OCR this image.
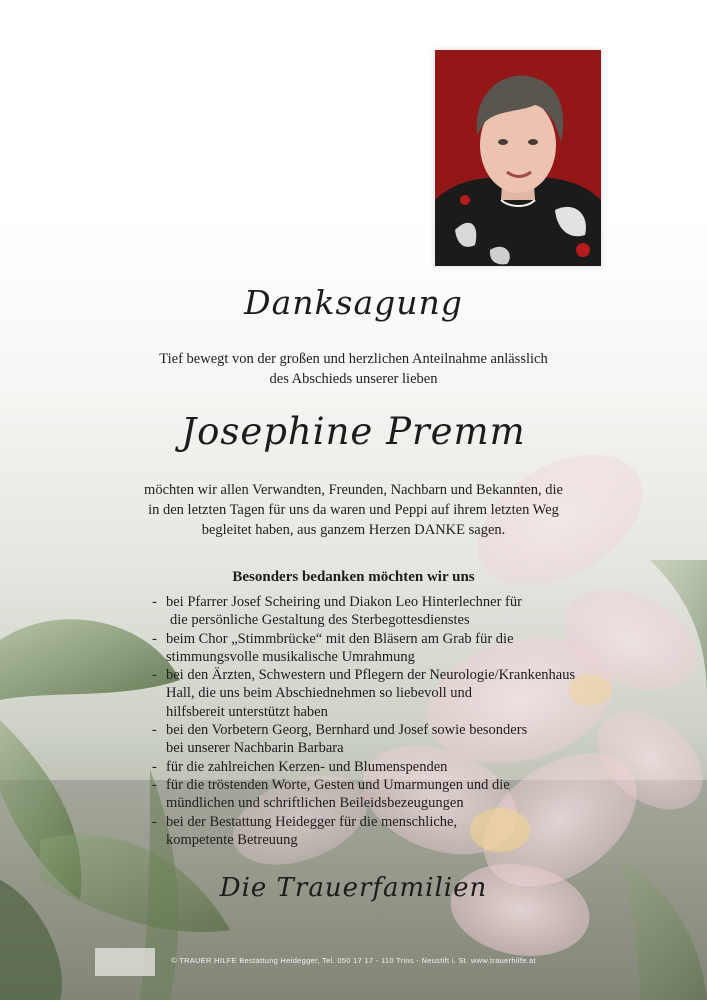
Danksagung
Tief bewegt von der großen und herzlichen Anteilnahme anlässlich
des Abschieds unserer lieben
Josephine Premm
möchten wir allen Verwandten, Freunden, Nachbarn und Bekannten, die
in den letzten Tagen für uns da waren und Peppi auf ihrem letzten Weg
begleitet haben, aus ganzem Herzen DANKE sagen.
Besonders bedanken möchten wir uns
- bei Pfarrer Josef Scheiring und Diakon Leo Hinterlechner für
die persönliche Gestaltung des Sterbegottesdienstes
- beim Chor „Stimmbrücke“ mit den Bläsern am Grab für die
stimmungsvolle musikalische Umrahmung
- bei den Ärzten, Schwestern und Pflegern der Neurologie/Krankenhaus
Hall, die uns beim Abschiednehmen so liebevoll und
hilfsbereit unterstützt haben
- bei den Vorbetern Georg, Bernhard und Josef sowie besonders
bei unserer Nachbarin Barbara
- für die zahlreichen Kerzen- und Blumenspenden
- für die tröstenden Worte, Gesten und Umarmungen und die
mündlichen und schriftlichen Beileidsbezeugungen
- bei der Bestattung Heidegger für die menschliche,
kompetente Betreuung
Die Trauerfamilien
© TRAUER HILFE Bestattung Heidegger, Tel. 050 17 17 - 110 Trins - Neustift i. St. www.trauerhilfe.at
